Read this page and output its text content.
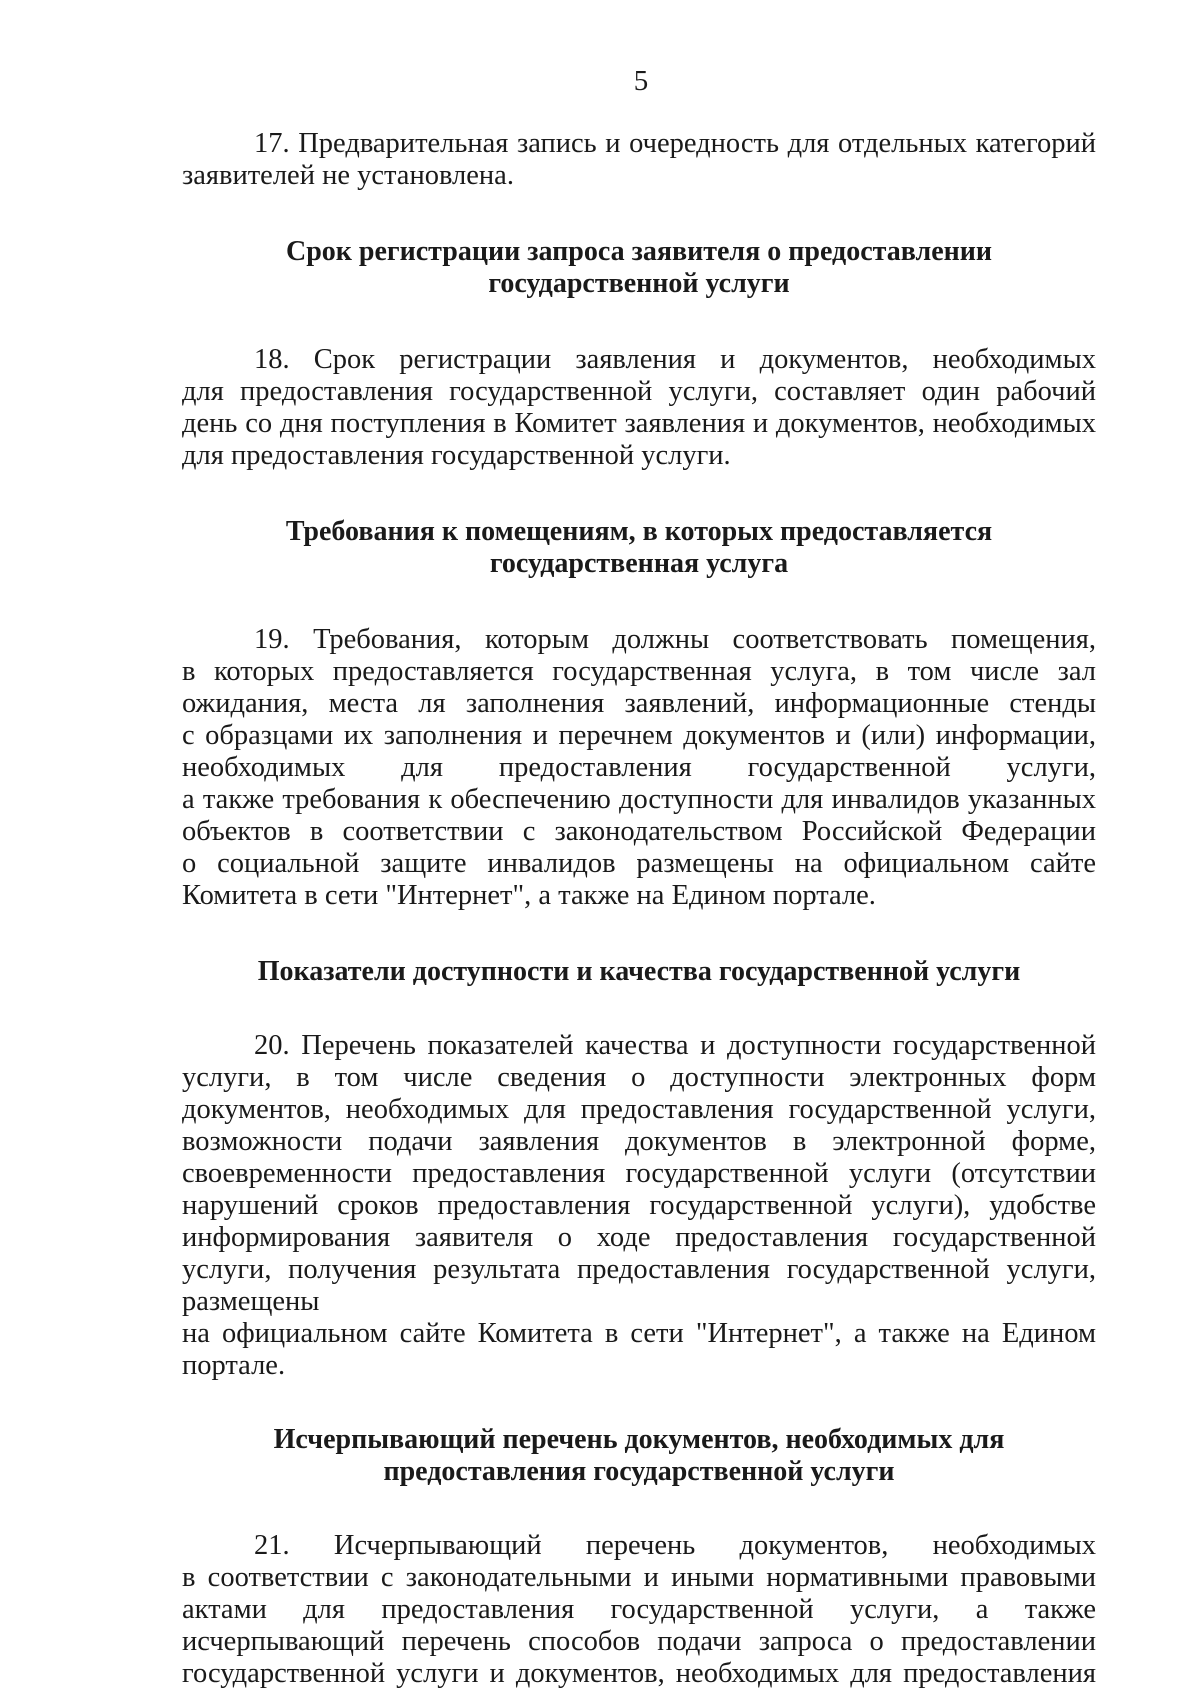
5

17. Предварительная запись и очередность для отдельных категорий
заявителей не установлена.

Срок регистрации запроса заявителя о предоставлении
государственной услуги

18. Срок регистрации заявления и документов, необходимых
для предоставления государственной услуги, составляет один рабочий
день со дня поступления в Комитет заявления и документов, необходимых
для предоставления государственной услуги.

Требования к помещениям, в которых предоставляется
государственная услуга

19. Требования, которым должны соответствовать помещения,
в которых предоставляется государственная услуга, в том числе зал
ожидания, места ля заполнения заявлений, информационные стенды
с образцами их заполнения и перечнем документов и (или) информации,
необходимых для предоставления государственной услуги,
а также требования к обеспечению доступности для инвалидов указанных
объектов в соответствии с законодательством Российской Федерации
о социальной защите инвалидов размещены на официальном сайте
Комитета в сети "Интернет", а также на Едином портале.

Показатели доступности и качества государственной услуги

20. Перечень показателей качества и доступности государственной
услуги, в том числе сведения о доступности электронных форм
документов, необходимых для предоставления государственной услуги,
возможности подачи заявления документов в электронной форме,
своевременности предоставления государственной услуги (отсутствии
нарушений сроков предоставления государственной услуги), удобстве
информирования заявителя о ходе предоставления государственной
услуги, получения результата предоставления государственной услуги,
размещены
на официальном сайте Комитета в сети "Интернет", а также на Едином
портале.

Исчерпывающий перечень документов, необходимых для
предоставления государственной услуги

21. Исчерпывающий перечень документов, необходимых
в соответствии с законодательными и иными нормативными правовыми
актами для предоставления государственной услуги, а также
исчерпывающий перечень способов подачи запроса о предоставлении
государственной услуги и документов, необходимых для предоставления
